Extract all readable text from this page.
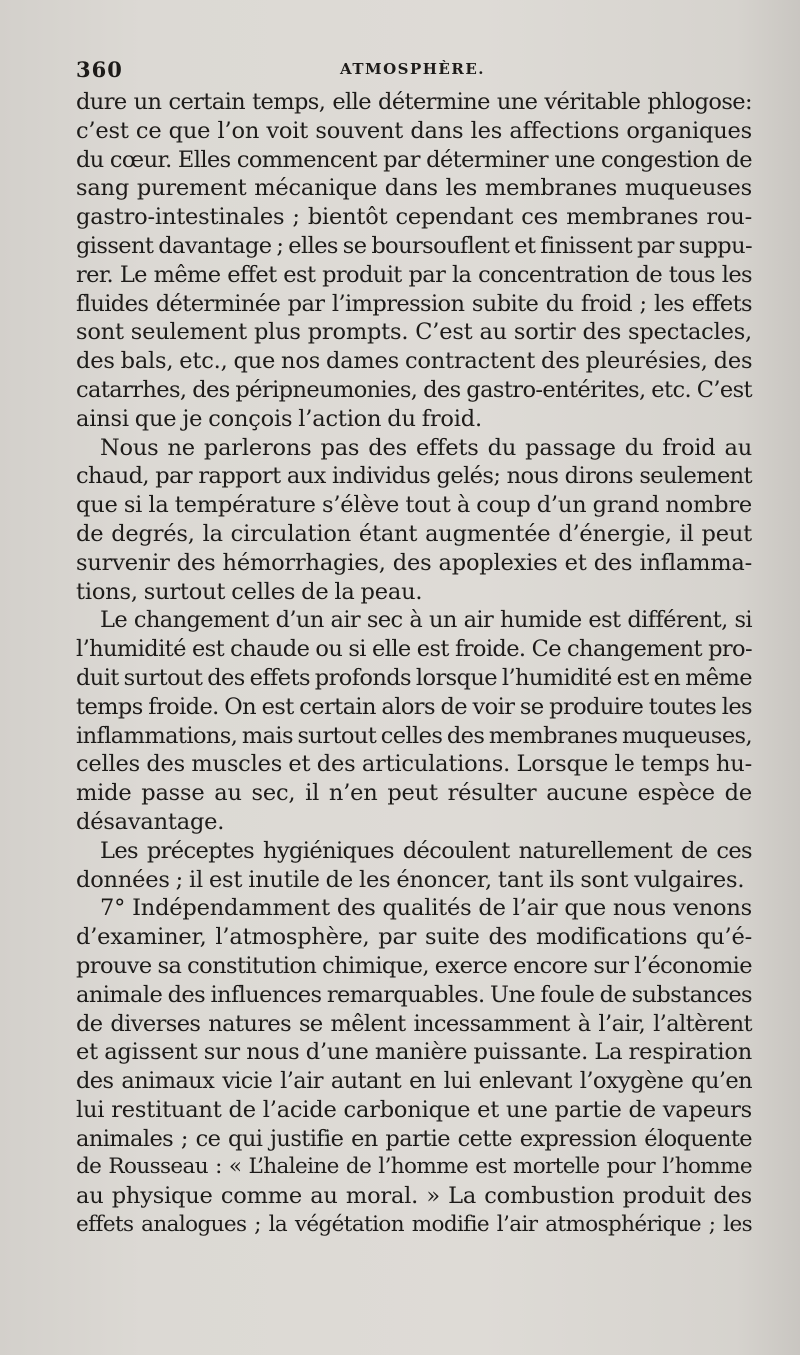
360	ATMOSPHÈRE.
dure un certain temps, elle détermine une véritable phlogose:
c’est ce que l’on voit souvent dans les affections organiques
du cœur. Elles commencent par déterminer une congestion de
sang purement mécanique dans les membranes muqueuses
gastro-intestinales ; bientôt cependant ces membranes rou-
gissent davantage ; elles se boursouflent et finissent par suppu-
rer. Le même effet est produit par la concentration de tous les
fluides déterminée par l’impression subite du froid ; les effets
sont seulement plus prompts. C’est au sortir des spectacles,
des bals, etc., que nos dames contractent des pleurésies, des
catarrhes, des péripneumonies, des gastro-entérites, etc. C’est
ainsi que je conçois l’action du froid.
Nous ne parlerons pas des effets du passage du froid au
chaud, par rapport aux individus gelés; nous dirons seulement
que si la température s’élève tout à coup d’un grand nombre
de degrés, la circulation étant augmentée d’énergie, il peut
survenir des hémorrhagies, des apoplexies et des inflamma-
tions, surtout celles de la peau.
Le changement d’un air sec à un air humide est différent, si
l’humidité est chaude ou si elle est froide. Ce changement pro-
duit surtout des effets profonds lorsque l’humidité est en même
temps froide. On est certain alors de voir se produire toutes les
inflammations, mais surtout celles des membranes muqueuses,
celles des muscles et des articulations. Lorsque le temps hu-
mide passe au sec, il n’en peut résulter aucune espèce de
désavantage.
Les préceptes hygiéniques découlent naturellement de ces
données ; il est inutile de les énoncer, tant ils sont vulgaires.
7° Indépendamment des qualités de l’air que nous venons
d’examiner, l’atmosphère, par suite des modifications qu’é-
prouve sa constitution chimique, exerce encore sur l’économie
animale des influences remarquables. Une foule de substances
de diverses natures se mêlent incessamment à l’air, l’altèrent
et agissent sur nous d’une manière puissante. La respiration
des animaux vicie l’air autant en lui enlevant l’oxygène qu’en
lui restituant de l’acide carbonique et une partie de vapeurs
animales ; ce qui justifie en partie cette expression éloquente
de Rousseau : « L’haleine de l’homme est mortelle pour l’homme
au physique comme au moral. » La combustion produit des
effets analogues ; la végétation modifie l’air atmosphérique ; les
